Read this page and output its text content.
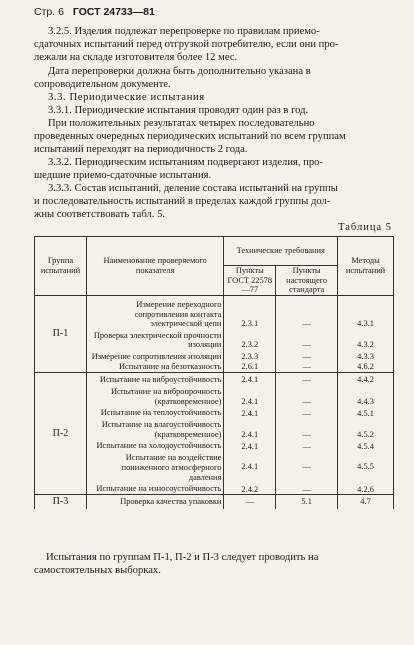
Стр. 6 ГОСТ 24733—81
3.2.5. Изделия подлежат перепроверке по правилам приемо-
сдаточных испытаний перед отгрузкой потребителю, если они про-
лежали на складе изготовителя более 12 мес.
Дата перепроверки должна быть дополнительно указана в
сопроводительном документе.
3.3. Периодические испытания
3.3.1. Периодические испытания проводят один раз в год.
При положительных результатах четырех последовательно
проведенных очередных периодических испытаний по всем группам
испытаний переходят на периодичность 2 года.
3.3.2. Периодическим испытаниям подвергают изделия, про-
шедшие приемо-сдаточные испытания.
3.3.3. Состав испытаний, деление состава испытаний на группы
и последовательность испытаний в пределах каждой группы дол-
жны соответствовать табл. 5.
Таблица 5
Группа испытаний	Наименование проверяемого показателя	Технические требования		Методы испытаний
		Пункты ГОСТ 22578—77	Пункты настоящего стандарта	
П-1	Измерение переходного сопротивления контакта электрической цепи	2.3.1	—	4.3.1
	Проверка электрической прочности изоляции	2.3.2	—	4.3.2
	Измерение сопротивления изоляции	2.3.3	—	4.3.3
	Испытание на безотказность	2.6.1	—	4.6.2
П-2	Испытание на виброустойчивость	2.4.1	—	4.4.2
	Испытание на вибропрочность (кратковременное)	2.4.1	—	4.4.3
	Испытание на теплоустойчивость	2.4.1	—	4.5.1
	Испытание на влагоустойчивость (кратковременное)	2.4.1	—	4.5.2
	Испытание на холодоустойчивость	2.4.1	—	4.5.4
	Испытание на воздействие пониженного атмосферного давления	2.4.1	—	4.5.5
	Испытание на износоустойчивость	2.4.2	—	4.2.6
П-3	Проверка качества упаковки	—	5.1	4.7
Испытания по группам П-1, П-2 и П-3 следует проводить на
самостоятельных выборках.
